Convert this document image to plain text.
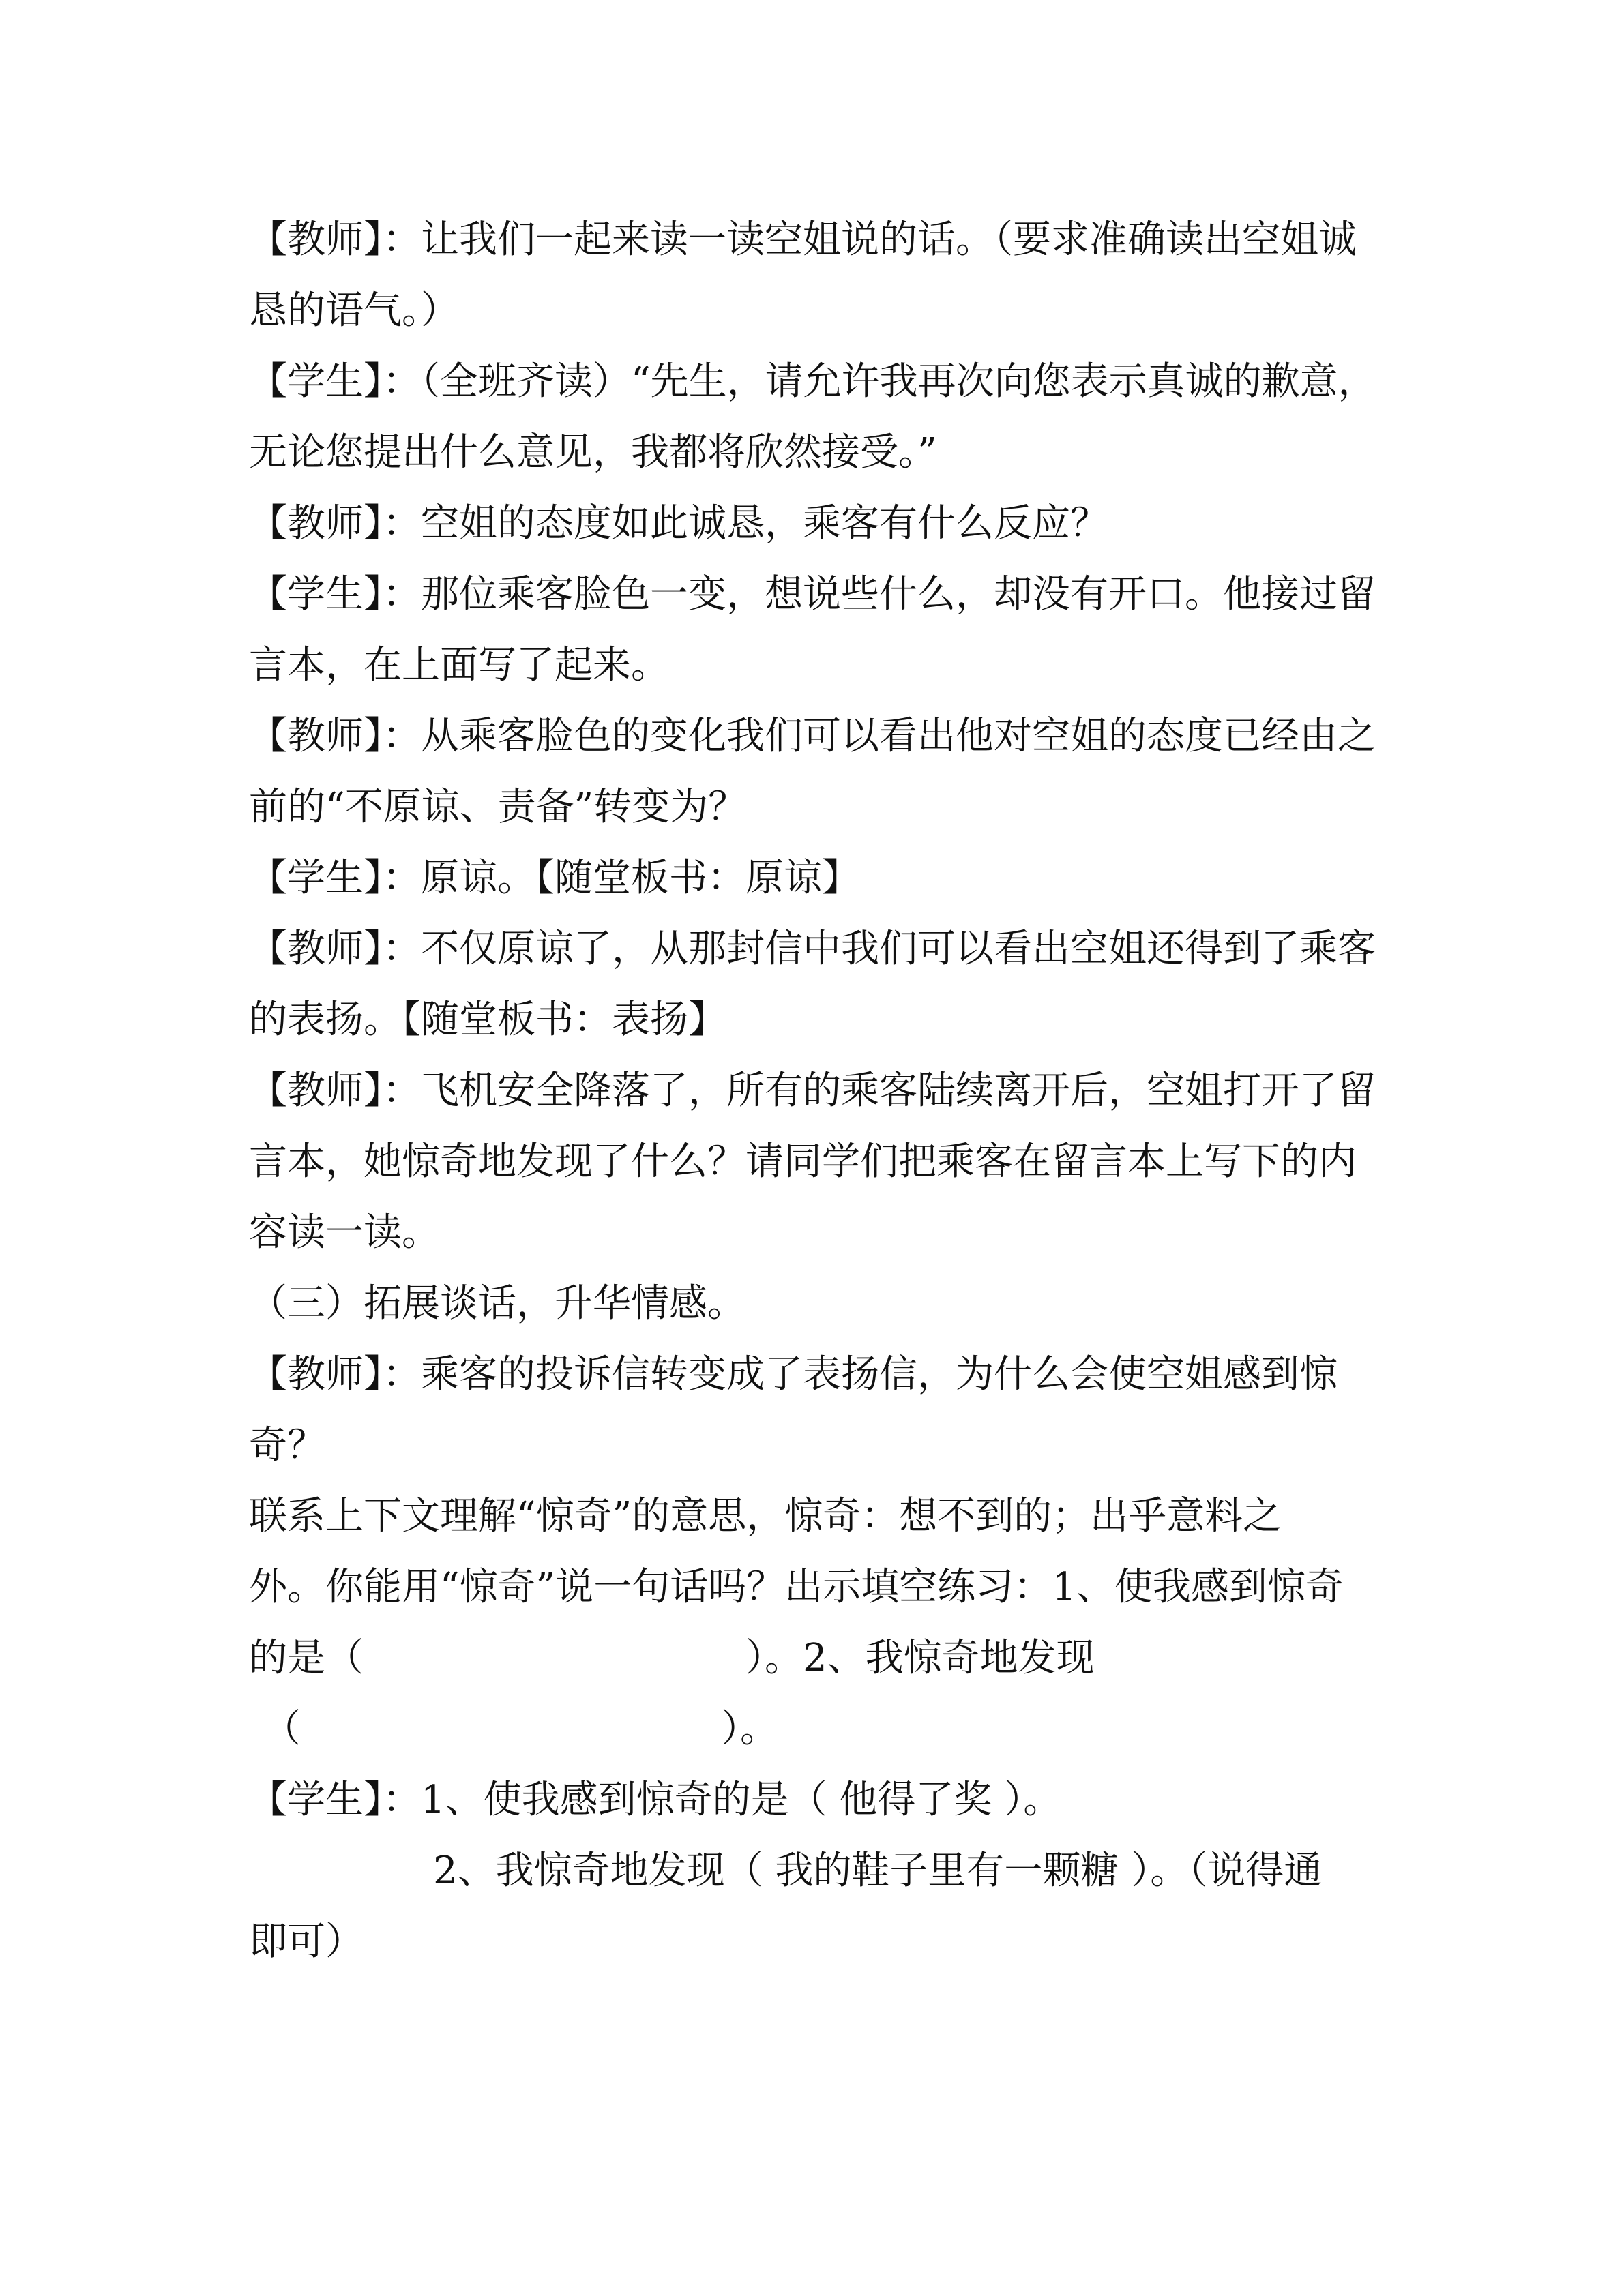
【教师】：让我们一起来读一读空姐说的话。（要求准确读出空姐诚恳的语气。）

【学生】：（全班齐读）“先生，请允许我再次向您表示真诚的歉意，无论您提出什么意见，我都将欣然接受。”

【教师】：空姐的态度如此诚恳，乘客有什么反应？

【学生】：那位乘客脸色一变，想说些什么，却没有开口。他接过留言本，在上面写了起来。

【教师】：从乘客脸色的变化我们可以看出他对空姐的态度已经由之前的“不原谅、责备”转变为？

【学生】：原谅。【随堂板书：原谅】

【教师】：不仅原谅了，从那封信中我们可以看出空姐还得到了乘客的表扬。【随堂板书：表扬】

【教师】：飞机安全降落了，所有的乘客陆续离开后，空姐打开了留言本，她惊奇地发现了什么？请同学们把乘客在留言本上写下的内容读一读。

（三）拓展谈话，升华情感。

【教师】：乘客的投诉信转变成了表扬信，为什么会使空姐感到惊奇？

联系上下文理解“惊奇”的意思，惊奇：想不到的；出乎意料之

外。你能用“惊奇”说一句话吗？出示填空练习：1、使我感到惊奇

的是（　　　　　　　　　　）。2、我惊奇地发现

（　　　　　　　　　　　）。

【学生】：1、使我感到惊奇的是（ 他得了奖 ）。

2、我惊奇地发现（ 我的鞋子里有一颗糖 ）。（说得通

即可）
